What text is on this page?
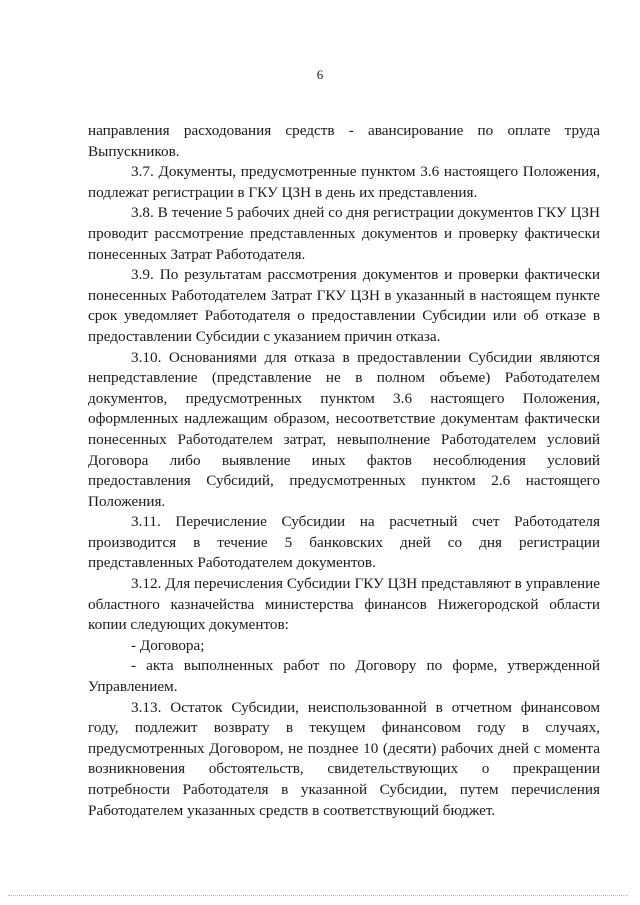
6

направления расходования средств - авансирование по оплате труда Выпускников.

3.7. Документы, предусмотренные пунктом 3.6 настоящего Положения, подлежат регистрации в ГКУ ЦЗН в день их представления.

3.8. В течение 5 рабочих дней со дня регистрации документов ГКУ ЦЗН проводит рассмотрение представленных документов и проверку фактически понесенных Затрат Работодателя.

3.9. По результатам рассмотрения документов и проверки фактически понесенных Работодателем Затрат ГКУ ЦЗН в указанный в настоящем пункте срок уведомляет Работодателя о предоставлении Субсидии или об отказе в предоставлении Субсидии с указанием причин отказа.

3.10. Основаниями для отказа в предоставлении Субсидии являются непредставление (представление не в полном объеме) Работодателем документов, предусмотренных пунктом 3.6 настоящего Положения, оформленных надлежащим образом, несоответствие документам фактически понесенных Работодателем затрат, невыполнение Работодателем условий Договора либо выявление иных фактов несоблюдения условий предоставления Субсидий, предусмотренных пунктом 2.6 настоящего Положения.

3.11. Перечисление Субсидии на расчетный счет Работодателя производится в течение 5 банковских дней со дня регистрации представленных Работодателем документов.

3.12. Для перечисления Субсидии ГКУ ЦЗН представляют в управление областного казначейства министерства финансов Нижегородской области копии следующих документов:

- Договора;

- акта выполненных работ по Договору по форме, утвержденной Управлением.

3.13. Остаток Субсидии, неиспользованной в отчетном финансовом году, подлежит возврату в текущем финансовом году в случаях, предусмотренных Договором, не позднее 10 (десяти) рабочих дней с момента возникновения обстоятельств, свидетельствующих о прекращении потребности Работодателя в указанной Субсидии, путем перечисления Работодателем указанных средств в соответствующий бюджет.
